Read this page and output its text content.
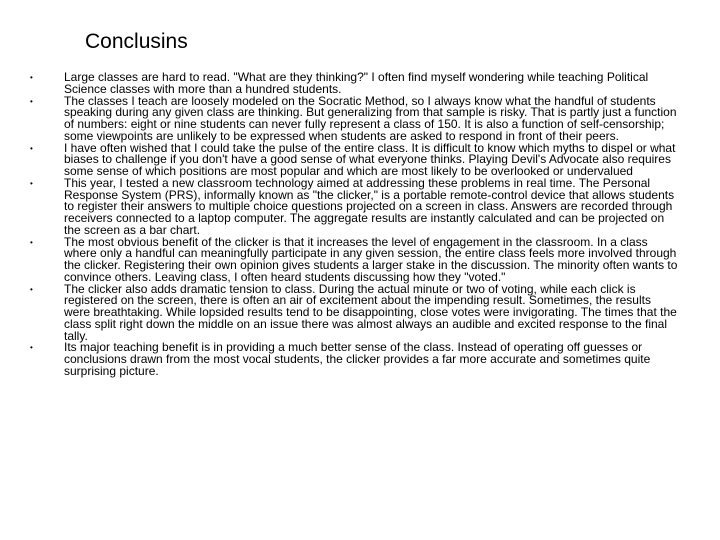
Conclusins
•	Large classes are hard to read. "What are they thinking?" I often find myself wondering while teaching Political Science classes with more than a hundred students.
•	The classes I teach are loosely modeled on the Socratic Method, so I always know what the handful of students speaking during any given class are thinking. But generalizing from that sample is risky. That is partly just a function of numbers: eight or nine students can never fully represent a class of 150. It is also a function of self-censorship; some viewpoints are unlikely to be expressed when students are asked to respond in front of their peers.
•	I have often wished that I could take the pulse of the entire class. It is difficult to know which myths to dispel or what biases to challenge if you don't have a good sense of what everyone thinks. Playing Devil's Advocate also requires some sense of which positions are most popular and which are most likely to be overlooked or undervalued
•	This year, I tested a new classroom technology aimed at addressing these problems in real time. The Personal Response System (PRS), informally known as "the clicker," is a portable remote-control device that allows students to register their answers to multiple choice questions projected on a screen in class. Answers are recorded through receivers connected to a laptop computer. The aggregate results are instantly calculated and can be projected on the screen as a bar chart.
•	The most obvious benefit of the clicker is that it increases the level of engagement in the classroom. In a class where only a handful can meaningfully participate in any given session, the entire class feels more involved through the clicker. Registering their own opinion gives students a larger stake in the discussion. The minority often wants to convince others. Leaving class, I often heard students discussing how they "voted."
•	The clicker also adds dramatic tension to class. During the actual minute or two of voting, while each click is registered on the screen, there is often an air of excitement about the impending result. Sometimes, the results were breathtaking. While lopsided results tend to be disappointing, close votes were invigorating. The times that the class split right down the middle on an issue there was almost always an audible and excited response to the final tally.
•	Its major teaching benefit is in providing a much better sense of the class. Instead of operating off guesses or conclusions drawn from the most vocal students, the clicker provides a far more accurate and sometimes quite surprising picture.
